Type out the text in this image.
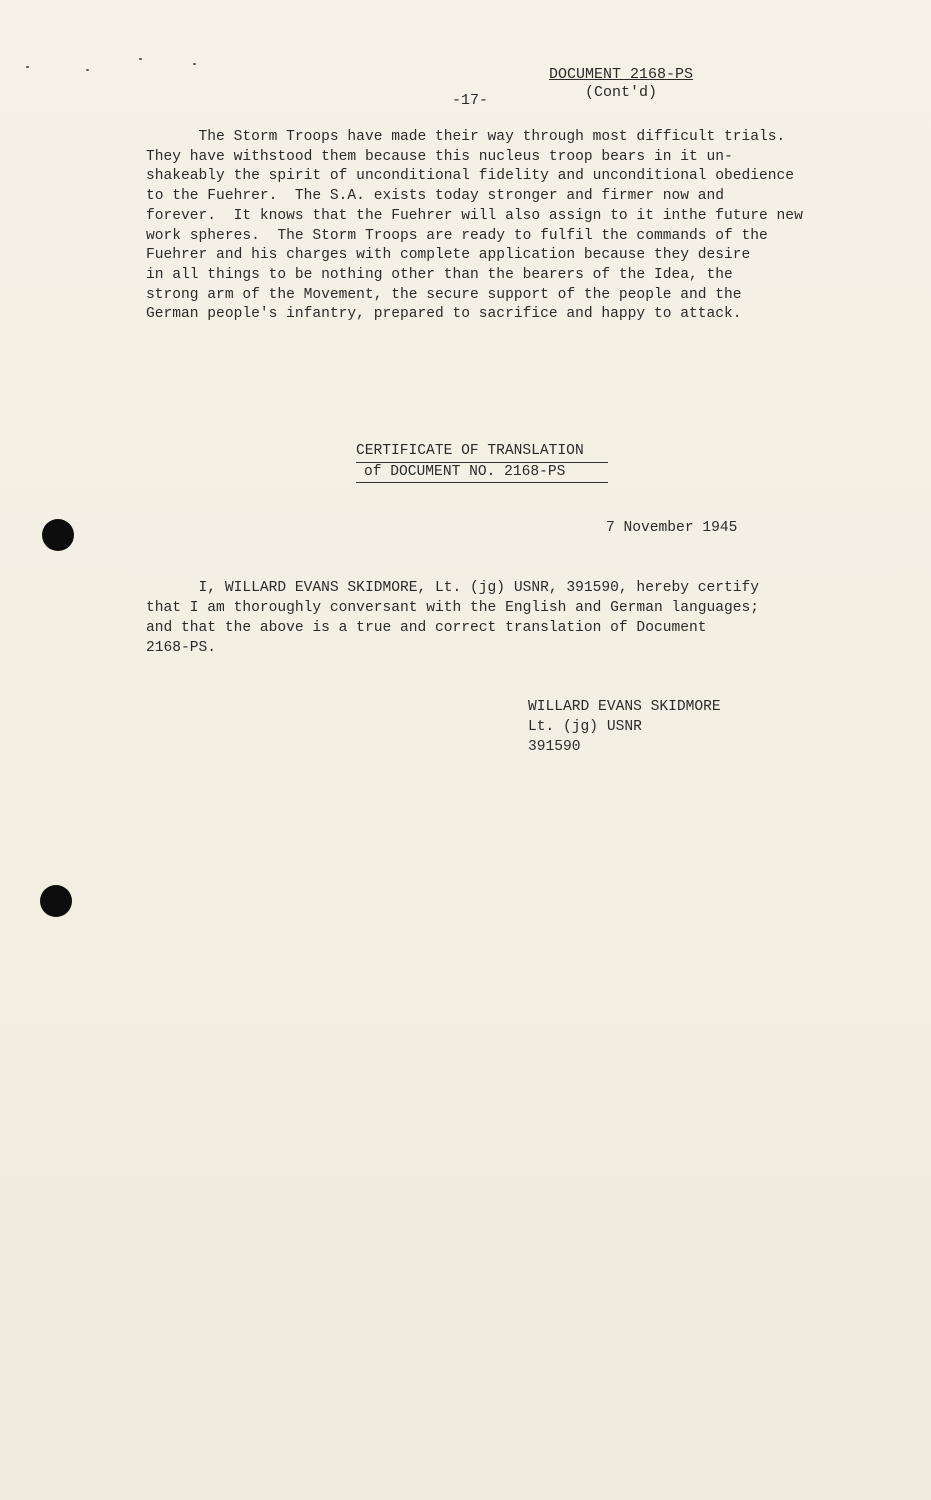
DOCUMENT 2168-PS
(Cont'd)
-17-
The Storm Troops have made their way through most difficult trials.
They have withstood them because this nucleus troop bears in it un-
shakeably the spirit of unconditional fidelity and unconditional obedience
to the Fuehrer.  The S.A. exists today stronger and firmer now and
forever.  It knows that the Fuehrer will also assign to it inthe future new
work spheres.  The Storm Troops are ready to fulfil the commands of the
Fuehrer and his charges with complete application because they desire
in all things to be nothing other than the bearers of the Idea, the
strong arm of the Movement, the secure support of the people and the
German people's infantry, prepared to sacrifice and happy to attack.
CERTIFICATE OF TRANSLATION
of DOCUMENT NO. 2168-PS
7 November 1945
I, WILLARD EVANS SKIDMORE, Lt. (jg) USNR, 391590, hereby certify
that I am thoroughly conversant with the English and German languages;
and that the above is a true and correct translation of Document
2168-PS.
WILLARD EVANS SKIDMORE
Lt. (jg) USNR
391590
